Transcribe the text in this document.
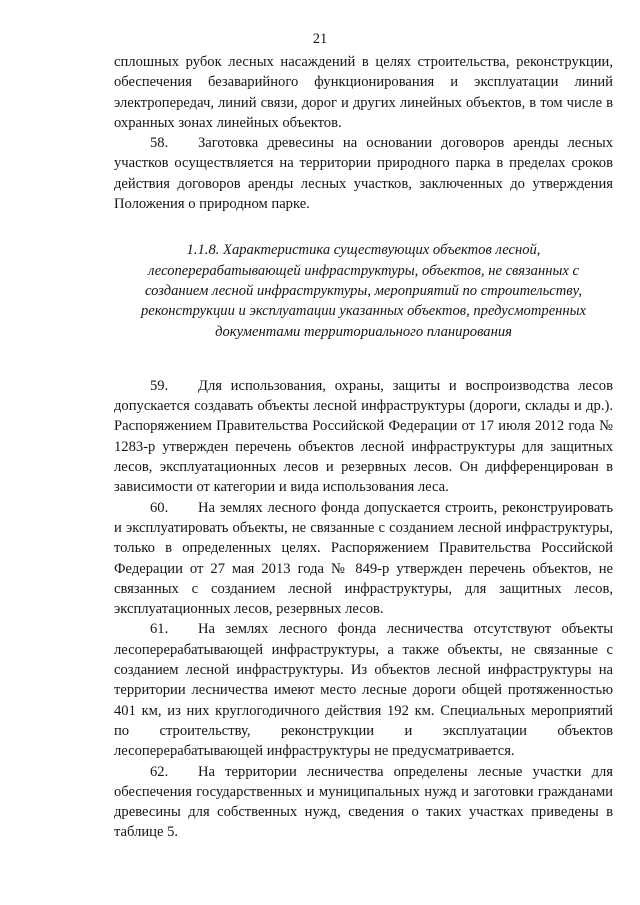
21

сплошных рубок лесных насаждений в целях строительства, реконструкции, обеспечения безаварийного функционирования и эксплуатации линий электропередач, линий связи, дорог и других линейных объектов, в том числе в охранных зонах линейных объектов.

58. Заготовка древесины на основании договоров аренды лесных участков осуществляется на территории природного парка в пределах сроков действия договоров аренды лесных участков, заключенных до утверждения Положения о природном парке.

1.1.8. Характеристика существующих объектов лесной,
лесоперерабатывающей инфраструктуры, объектов, не связанных с
созданием лесной инфраструктуры, мероприятий по строительству,
реконструкции и эксплуатации указанных объектов, предусмотренных
документами территориального планирования

59. Для использования, охраны, защиты и воспроизводства лесов допускается создавать объекты лесной инфраструктуры (дороги, склады и др.). Распоряжением Правительства Российской Федерации от 17 июля 2012 года № 1283-р утвержден перечень объектов лесной инфраструктуры для защитных лесов, эксплуатационных лесов и резервных лесов. Он дифференцирован в зависимости от категории и вида использования леса.

60. На землях лесного фонда допускается строить, реконструировать и эксплуатировать объекты, не связанные с созданием лесной инфраструктуры, только в определенных целях. Распоряжением Правительства Российской Федерации от 27 мая 2013 года № 849-р утвержден перечень объектов, не связанных с созданием лесной инфраструктуры, для защитных лесов, эксплуатационных лесов, резервных лесов.

61. На землях лесного фонда лесничества отсутствуют объекты лесоперерабатывающей инфраструктуры, а также объекты, не связанные с созданием лесной инфраструктуры. Из объектов лесной инфраструктуры на территории лесничества имеют место лесные дороги общей протяженностью 401 км, из них круглогодичного действия 192 км. Специальных мероприятий по строительству, реконструкции и эксплуатации объектов лесоперерабатывающей инфраструктуры не предусматривается.

62. На территории лесничества определены лесные участки для обеспечения государственных и муниципальных нужд и заготовки гражданами древесины для собственных нужд, сведения о таких участках приведены в таблице 5.
